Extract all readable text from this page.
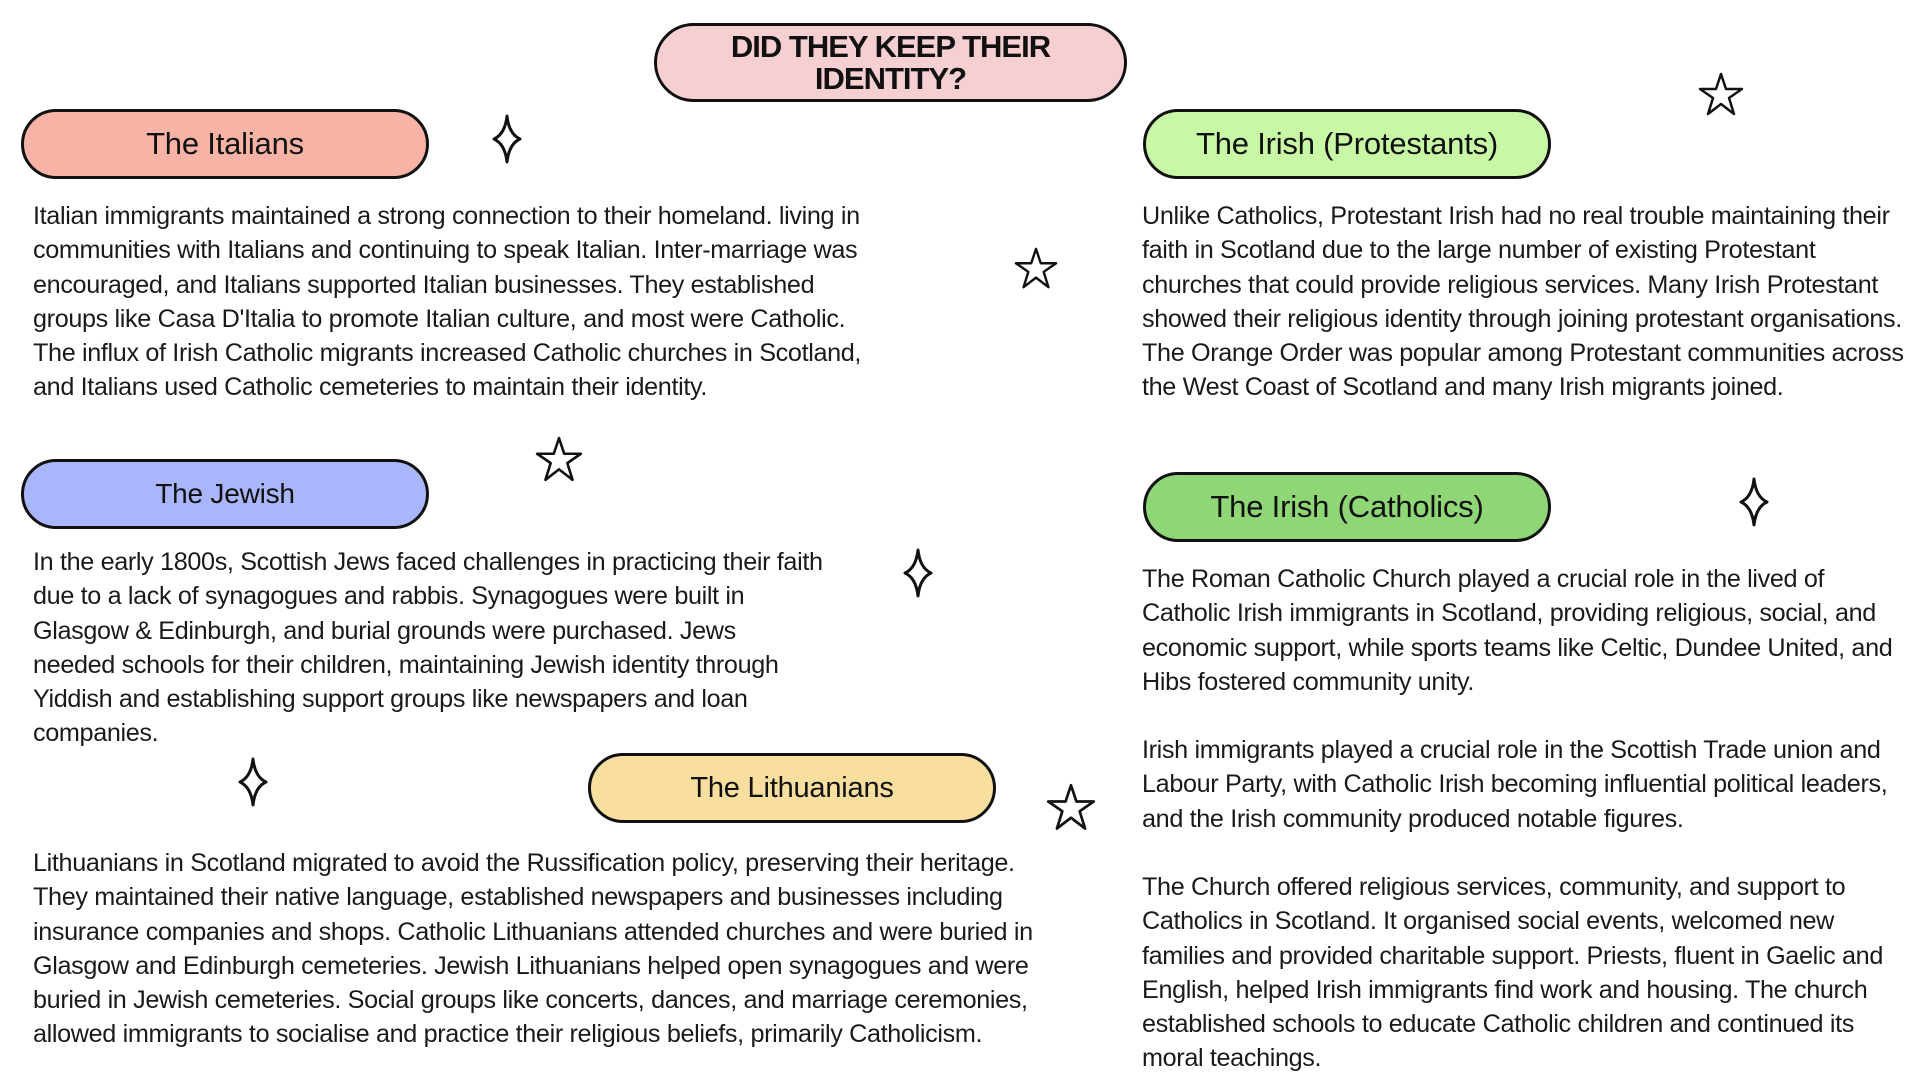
DID THEY KEEP THEIR IDENTITY?
The Italians

Italian immigrants maintained a strong connection to their homeland. living in communities with Italians and continuing to speak Italian. Inter-marriage was encouraged, and Italians supported Italian businesses. They established groups like Casa D'Italia to promote Italian culture, and most were Catholic. The influx of Irish Catholic migrants increased Catholic churches in Scotland, and Italians used Catholic cemeteries to maintain their identity.

The Jewish

In the early 1800s, Scottish Jews faced challenges in practicing their faith due to a lack of synagogues and rabbis. Synagogues were built in Glasgow & Edinburgh, and burial grounds were purchased. Jews needed schools for their children, maintaining Jewish identity through Yiddish and establishing support groups like newspapers and loan companies.

The Lithuanians

Lithuanians in Scotland migrated to avoid the Russification policy, preserving their heritage. They maintained their native language, established newspapers and businesses including insurance companies and shops. Catholic Lithuanians attended churches and were buried in Glasgow and Edinburgh cemeteries. Jewish Lithuanians helped open synagogues and were buried in Jewish cemeteries. Social groups like concerts, dances, and marriage ceremonies, allowed immigrants to socialise and practice their religious beliefs, primarily Catholicism.

The Irish (Protestants)

Unlike Catholics, Protestant Irish had no real trouble maintaining their faith in Scotland due to the large number of existing Protestant churches that could provide religious services. Many Irish Protestant showed their religious identity through joining protestant organisations. The Orange Order was popular among Protestant communities across the West Coast of Scotland and many Irish migrants joined.

The Irish (Catholics)

The Roman Catholic Church played a crucial role in the lived of Catholic Irish immigrants in Scotland, providing religious, social, and economic support, while sports teams like Celtic, Dundee United, and Hibs fostered community unity.

Irish immigrants played a crucial role in the Scottish Trade union and Labour Party, with Catholic Irish becoming influential political leaders, and the Irish community produced notable figures.

The Church offered religious services, community, and support to Catholics in Scotland. It organised social events, welcomed new families and provided charitable support. Priests, fluent in Gaelic and English, helped Irish immigrants find work and housing. The church established schools to educate Catholic children and continued its moral teachings.
